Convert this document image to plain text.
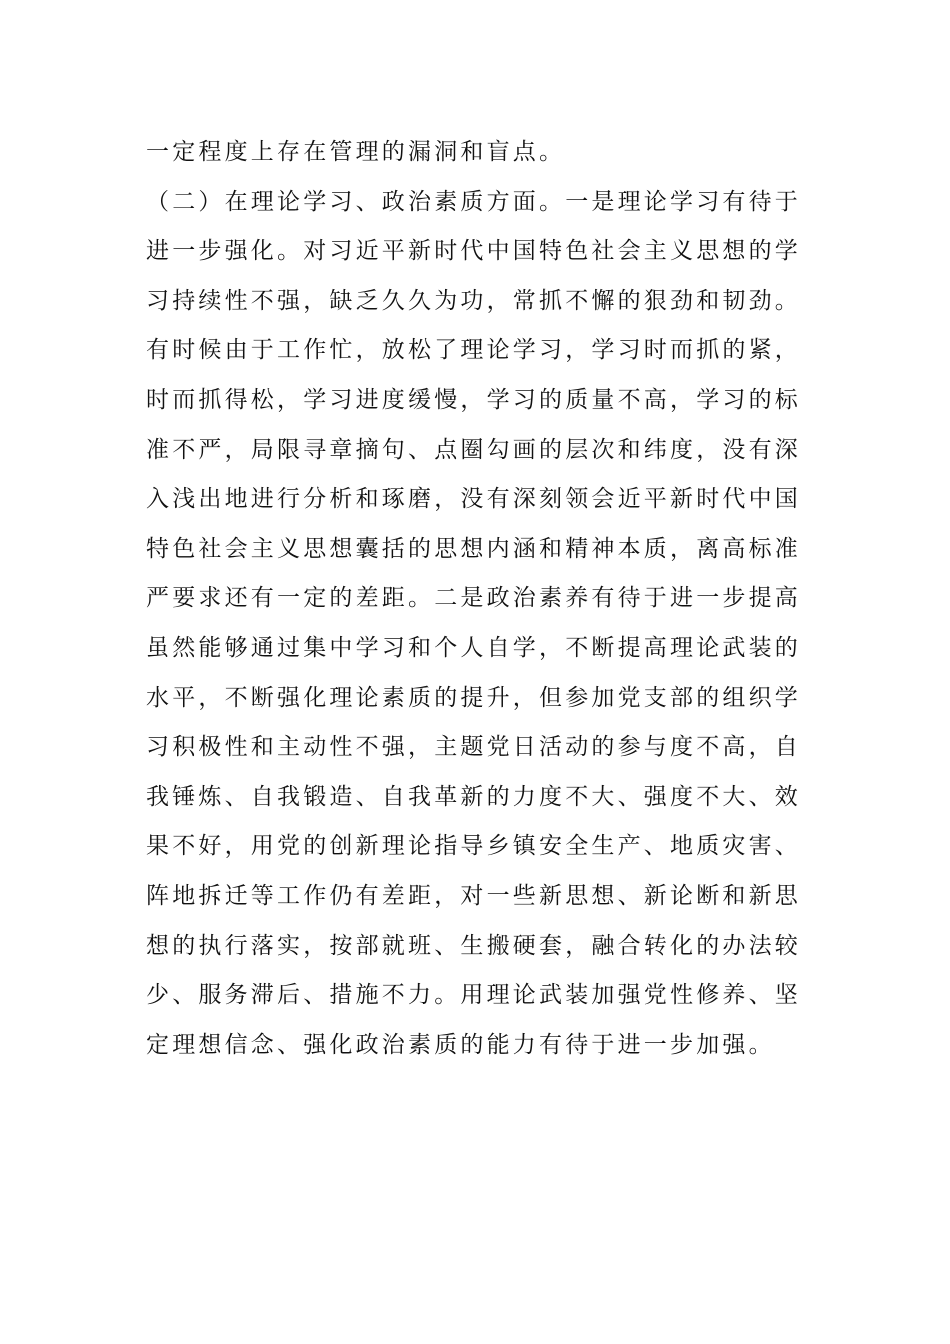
一定程度上存在管理的漏洞和盲点。
（二）在理论学习、政治素质方面。一是理论学习有待于
进一步强化。对习近平新时代中国特色社会主义思想的学
习持续性不强，缺乏久久为功，常抓不懈的狠劲和韧劲。
有时候由于工作忙，放松了理论学习，学习时而抓的紧，
时而抓得松，学习进度缓慢，学习的质量不高，学习的标
准不严，局限寻章摘句、点圈勾画的层次和纬度，没有深
入浅出地进行分析和琢磨，没有深刻领会近平新时代中国
特色社会主义思想囊括的思想内涵和精神本质，离高标准
严要求还有一定的差距。二是政治素养有待于进一步提高
虽然能够通过集中学习和个人自学，不断提高理论武装的
水平，不断强化理论素质的提升，但参加党支部的组织学
习积极性和主动性不强，主题党日活动的参与度不高，自
我锤炼、自我锻造、自我革新的力度不大、强度不大、效
果不好，用党的创新理论指导乡镇安全生产、地质灾害、
阵地拆迁等工作仍有差距，对一些新思想、新论断和新思
想的执行落实，按部就班、生搬硬套，融合转化的办法较
少、服务滞后、措施不力。用理论武装加强党性修养、坚
定理想信念、强化政治素质的能力有待于进一步加强。
